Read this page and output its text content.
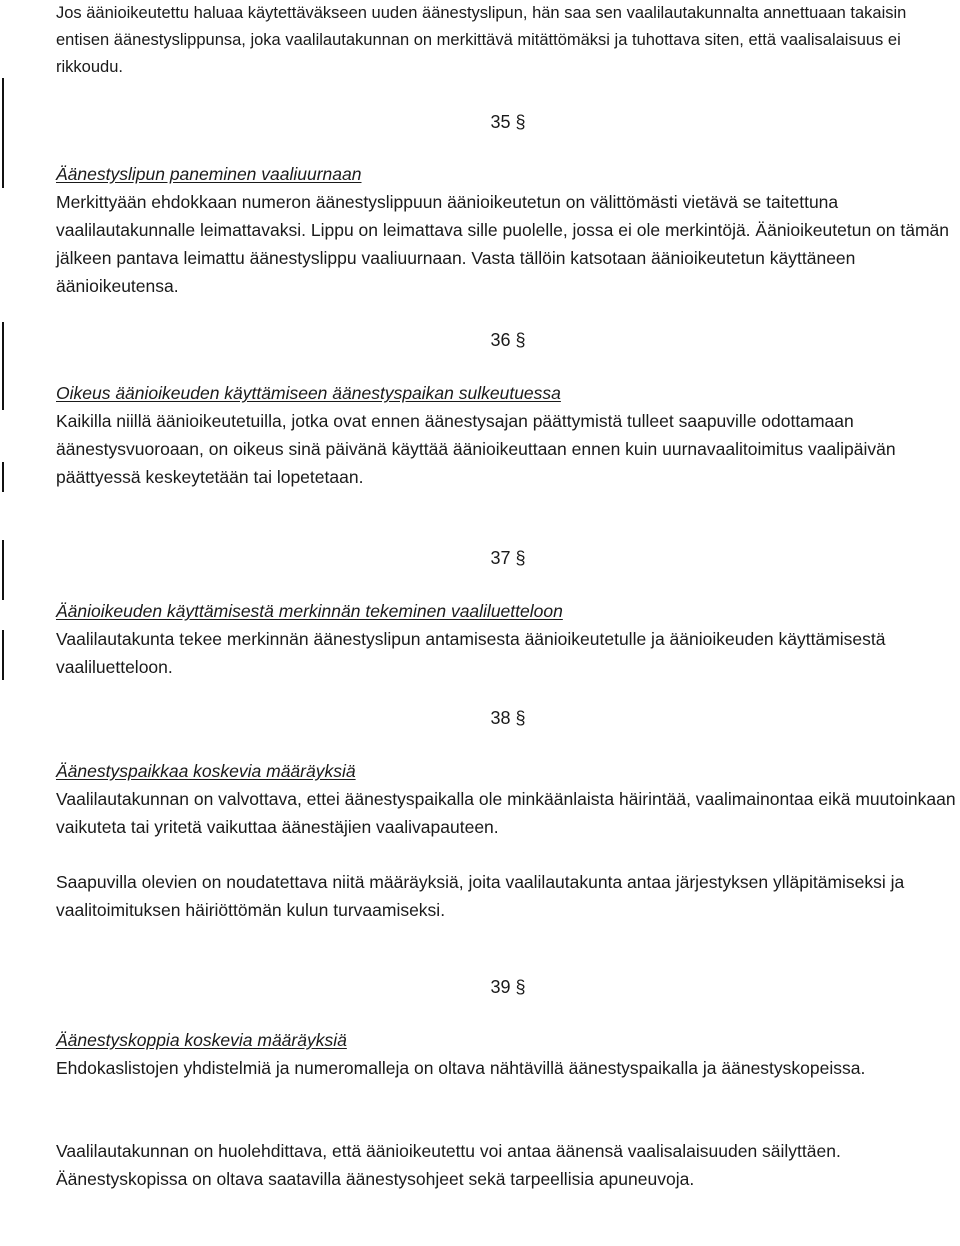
Jos äänioikeutettu haluaa käytettäväkseen uuden äänestyslipun, hän saa sen vaalilautakunnalta annettuaan takaisin entisen äänestyslippunsa, joka vaalilautakunnan on merkittävä mitättömäksi ja tuhottava siten, että vaalisalaisuus ei rikkoudu.

35 §

Äänestyslipun paneminen vaaliuurnaan

Merkittyään ehdokkaan numeron äänestyslippuun äänioikeutetun on välittömästi vietävä se taitettuna vaalilautakunnalle leimattavaksi. Lippu on leimattava sille puolelle, jossa ei ole merkintöjä. Äänioikeutetun on tämän jälkeen pantava leimattu äänestyslippu vaaliuurnaan. Vasta tällöin katsotaan äänioikeutetun käyttäneen äänioikeutensa.

36 §

Oikeus äänioikeuden käyttämiseen äänestyspaikan sulkeutuessa

Kaikilla niillä äänioikeutetuilla, jotka ovat ennen äänestysajan päättymistä tulleet saapuville odottamaan äänestysvuoroaan, on oikeus sinä päivänä käyttää äänioikeuttaan ennen kuin uurnavaalitoimitus vaalipäivän päättyessä keskeytetään tai lopetetaan.

37 §

Äänioikeuden käyttämisestä merkinnän tekeminen vaaliluetteloon

Vaalilautakunta tekee merkinnän äänestyslipun antamisesta äänioikeutetulle ja äänioikeuden käyttämisestä vaaliluetteloon.

38 §

Äänestyspaikkaa koskevia määräyksiä

Vaalilautakunnan on valvottava, ettei äänestyspaikalla ole minkäänlaista häirintää, vaalimainontaa eikä muutoinkaan vaikuteta tai yritetä vaikuttaa äänestäjien vaalivapauteen.

Saapuvilla olevien on noudatettava niitä määräyksiä, joita vaalilautakunta antaa järjestyksen ylläpitämiseksi ja vaalitoimituksen häiriöttömän kulun turvaamiseksi.

39 §

Äänestyskoppia koskevia määräyksiä

Ehdokaslistojen yhdistelmiä ja numeromalleja on oltava nähtävillä äänestyspaikalla ja äänestyskopeissa.

Vaalilautakunnan on huolehdittava, että äänioikeutettu voi antaa äänensä vaalisalaisuuden säilyttäen. Äänestyskopissa on oltava saatavilla äänestysohjeet sekä tarpeellisia apuneuvoja.
